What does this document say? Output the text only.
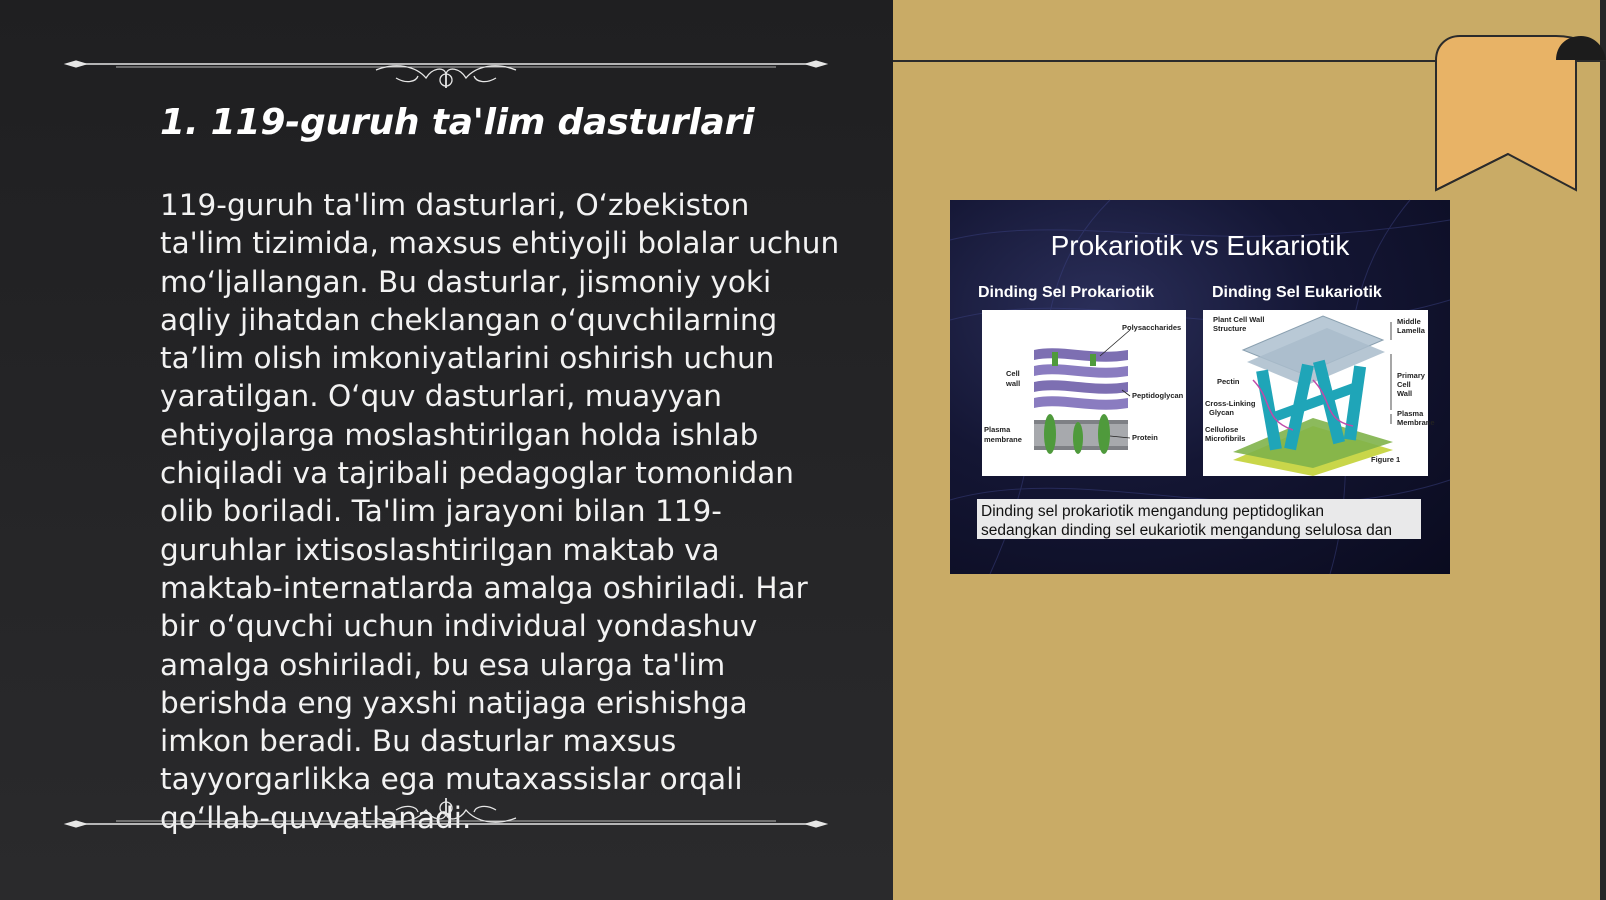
1. 119-guruh ta'lim dasturlari

119-guruh ta'lim dasturlari, O‘zbekiston ta'lim tizimida, maxsus ehtiyojli bolalar uchun mo‘ljallangan. Bu dasturlar, jismoniy yoki aqliy jihatdan cheklangan o‘quvchilarning ta’lim olish imkoniyatlarini oshirish uchun yaratilgan. O‘quv dasturlari, muayyan ehtiyojlarga moslashtirilgan holda ishlab chiqiladi va tajribali pedagoglar tomonidan olib boriladi. Ta'lim jarayoni bilan 119-guruhlar ixtisoslashtirilgan maktab va maktab-internatlarda amalga oshiriladi. Har bir o‘quvchi uchun individual yondashuv amalga oshiriladi, bu esa ularga ta'lim berishda eng yaxshi natijaga erishishga imkon beradi. Bu dasturlar maxsus tayyorgarlikka ega mutaxassislar orqali qo‘llab-quvvatlanadi.

Prokariotik vs Eukariotik
Dinding Sel Prokariotik	Dinding Sel Eukariotik
Polysaccharides
Cell
wall
Peptidoglycan
Plasma
membrane	Protein
Plant Cell Wall
Structure
Middle
Lamella
Primary
Cell
Wall
Pectin
Cross-Linking
Glycan	Plasma
Membrane
Cellulose
Microfibrils
Figure 1
Dinding sel prokariotik mengandung peptidoglikan
sedangkan dinding sel eukariotik mengandung selulosa dan
